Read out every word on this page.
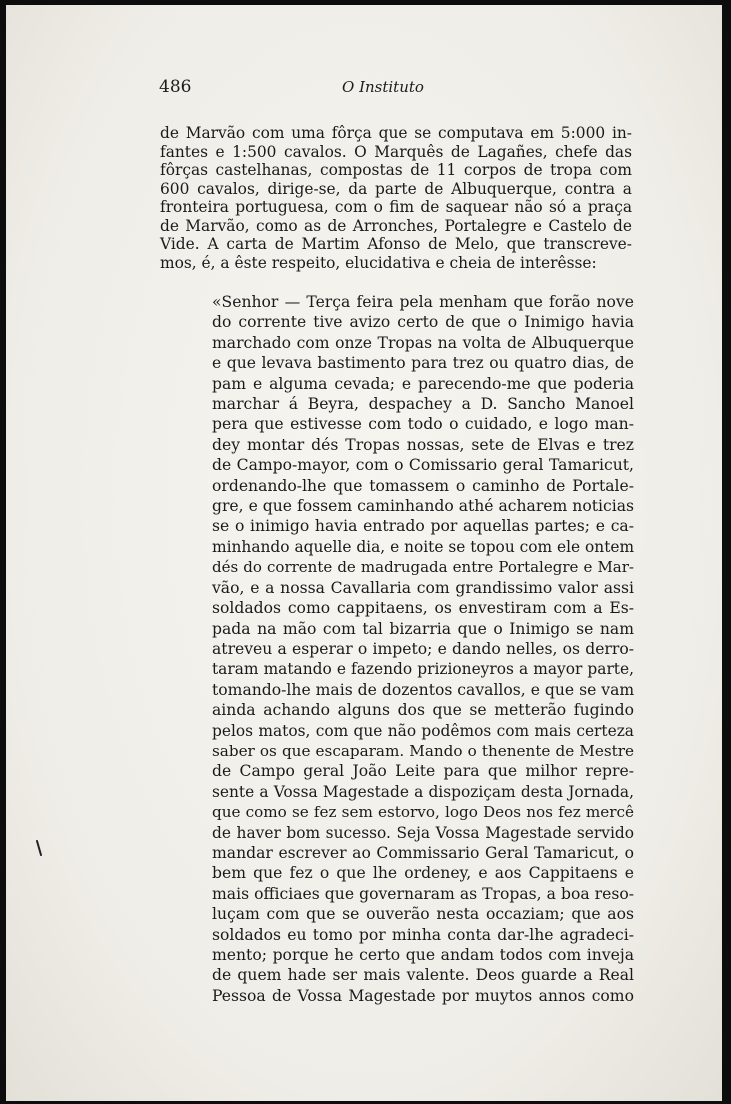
486	O Instituto

de Marvão com uma fôrça que se computava em 5:000 in-
fantes e 1:500 cavalos. O Marquês de Lagañes, chefe das
fôrças castelhanas, compostas de 11 corpos de tropa com
600 cavalos, dirige-se, da parte de Albuquerque, contra a
fronteira portuguesa, com o fim de saquear não só a praça
de Marvão, como as de Arronches, Portalegre e Castelo de
Vide. A carta de Martim Afonso de Melo, que transcreve-
mos, é, a êste respeito, elucidativa e cheia de interêsse:

«Senhor — Terça feira pela menham que forão nove
do corrente tive avizo certo de que o Inimigo havia
marchado com onze Tropas na volta de Albuquerque
e que levava bastimento para trez ou quatro dias, de
pam e alguma cevada; e parecendo-me que poderia
marchar á Beyra, despachey a D. Sancho Manoel
pera que estivesse com todo o cuidado, e logo man-
dey montar dés Tropas nossas, sete de Elvas e trez
de Campo-mayor, com o Comissario geral Tamaricut,
ordenando-lhe que tomassem o caminho de Portale-
gre, e que fossem caminhando athé acharem noticias
se o inimigo havia entrado por aquellas partes; e ca-
minhando aquelle dia, e noite se topou com ele ontem
dés do corrente de madrugada entre Portalegre e Mar-
vão, e a nossa Cavallaria com grandissimo valor assi
soldados como cappitaens, os envestiram com a Es-
pada na mão com tal bizarria que o Inimigo se nam
atreveu a esperar o impeto; e dando nelles, os derro-
taram matando e fazendo prizioneyros a mayor parte,
tomando-lhe mais de dozentos cavallos, e que se vam
ainda achando alguns dos que se metterão fugindo
pelos matos, com que não podêmos com mais certeza
saber os que escaparam. Mando o thenente de Mestre
de Campo geral João Leite para que milhor repre-
sente a Vossa Magestade a dispoziçam desta Jornada,
que como se fez sem estorvo, logo Deos nos fez mercê
de haver bom sucesso. Seja Vossa Magestade servido
mandar escrever ao Commissario Geral Tamaricut, o
bem que fez o que lhe ordeney, e aos Cappitaens e
mais officiaes que governaram as Tropas, a boa reso-
luçam com que se ouverão nesta occaziam; que aos
soldados eu tomo por minha conta dar-lhe agradeci-
mento; porque he certo que andam todos com inveja
de quem hade ser mais valente. Deos guarde a Real
Pessoa de Vossa Magestade por muytos annos como
